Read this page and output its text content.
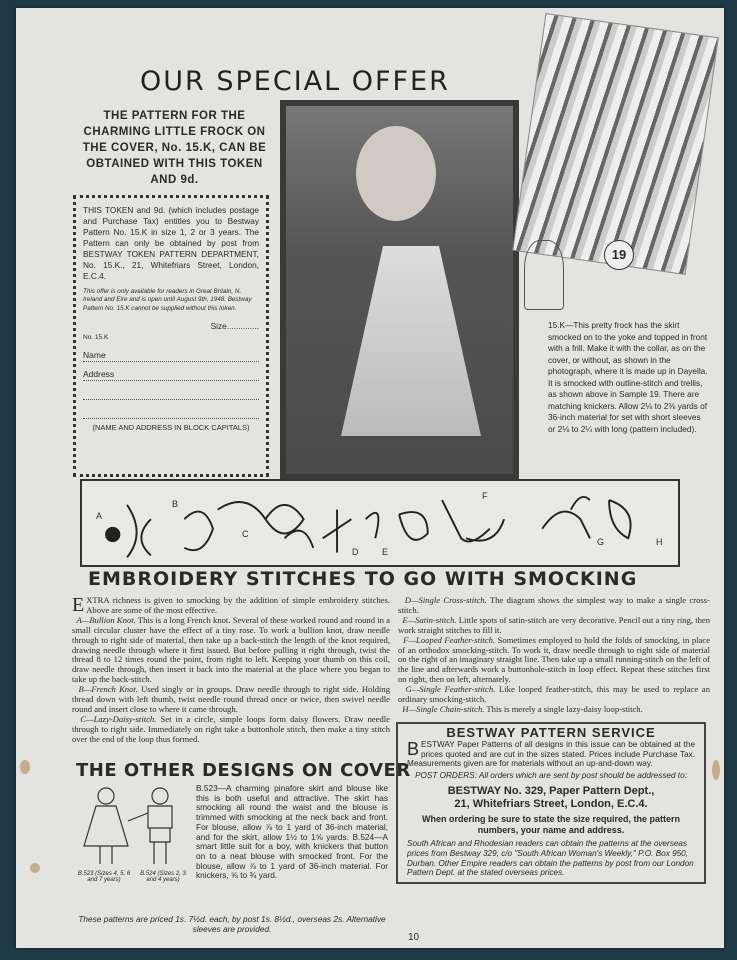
OUR SPECIAL OFFER
THE PATTERN FOR THE CHARMING LITTLE FROCK ON THE COVER, No. 15.K, CAN BE OBTAINED WITH THIS TOKEN AND 9d.
THIS TOKEN and 9d. (which includes postage and Purchase Tax) entitles you to Bestway Pattern No. 15.K in size 1, 2 or 3 years. The Pattern can only be obtained by post from BESTWAY TOKEN PATTERN DEPARTMENT, No. 15.K., 21, Whitefriars Street, London, E.C.4.
This offer is only available for readers in Great Britain, N. Ireland and Eire and is open until August 9th, 1948. Bestway Pattern No. 15.K cannot be supplied without this token.
Size..............
No. 15.K
Name
Address
(NAME AND ADDRESS IN BLOCK CAPITALS)
19
15.K—This pretty frock has the skirt smocked on to the yoke and topped in front with a frill. Make it with the collar, as on the cover, or without, as shown in the photograph, where it is made up in Dayella. It is smocked with outline-stitch and trellis, as shown above in Sample 19. There are matching knickers. Allow 2⅛ to 2⅜ yards of 36-inch material for set with short sleeves or 2⅛ to 2¼ with long (pattern included).
A
B
C
D	E
F
G	H
EMBROIDERY STITCHES TO GO WITH SMOCKING

EXTRA richness is given to smocking by the addition of simple embroidery stitches. Above are some of the most effective.

A—Bullion Knot. This is a long French knot. Several of these worked round and round in a small circular cluster have the effect of a tiny rose. To work a bullion knot, draw needle through to right side of material, then take up a back-stitch the length of the knot required, drawing needle through where it first issued. But before pulling it right through, twist the thread 8 to 12 times round the point, from right to left. Keeping your thumb on this coil, draw needle through, then insert it back into the material at the place where you began to take up the back-stitch.

B—French Knot. Used singly or in groups. Draw needle through to right side. Holding thread down with left thumb, twist needle round thread once or twice, then swivel needle round and insert close to where it came through.

C—Lazy-Daisy-stitch. Set in a circle, simple loops form daisy flowers. Draw needle through to right side. Immediately on right take a buttonhole stitch, then make a tiny stitch over the end of the loop thus formed.

D—Single Cross-stitch. The diagram shows the simplest way to make a single cross-stitch.

E—Satin-stitch. Little spots of satin-stitch are very decorative. Pencil out a tiny ring, then work straight stitches to fill it.

F—Looped Feather-stitch. Sometimes employed to hold the folds of smocking, in place of an orthodox smocking-stitch. To work it, draw needle through to right side of material on the right of an imaginary straight line. Then take up a small running-stitch on the left of the line and afterwards work a buttonhole-stitch in loop effect. Repeat these stitches first on right, then on left, alternately.

G—Single Feather-stitch. Like looped feather-stitch, this may be used to replace an ordinary smocking-stitch.

H—Single Chain-stitch. This is merely a single lazy-daisy loop-stitch.

BESTWAY PATTERN SERVICE

BESTWAY Paper Patterns of all designs in this issue can be obtained at the prices quoted and are cut in the sizes stated. Prices include Purchase Tax. Measurements given are for materials without an up-and-down way.

POST ORDERS: All orders which are sent by post should be addressed to:

BESTWAY No. 329, Paper Pattern Dept.,
21, Whitefriars Street, London, E.C.4.

When ordering be sure to state the size required, the pattern numbers, your name and address.

South African and Rhodesian readers can obtain the patterns at the overseas prices from Bestway 329, c/o "South African Woman's Weekly," P.O. Box 950, Durban. Other Empire readers can obtain the patterns by post from our London Pattern Dept. at the stated overseas prices.

THE OTHER DESIGNS ON COVER
B.523 (Sizes 4, 5, 6 and 7 years)
B.524 (Sizes 2, 3 and 4 years)
B.523—A charming pinafore skirt and blouse like this is both useful and attractive. The skirt has smocking all round the waist and the blouse is trimmed with smocking at the neck back and front. For blouse, allow ⅞ to 1 yard of 36-inch material, and for the skirt, allow 1½ to 1⅝ yards. B.524—A smart little suit for a boy, with knickers that button on to a neat blouse with smocked front. For the blouse, allow ⅞ to 1 yard of 36-inch material. For knickers, ⅝ to ¾ yard.
These patterns are priced 1s. 7½d. each, by post 1s. 8½d., overseas 2s. Alternative sleeves are provided.
10
